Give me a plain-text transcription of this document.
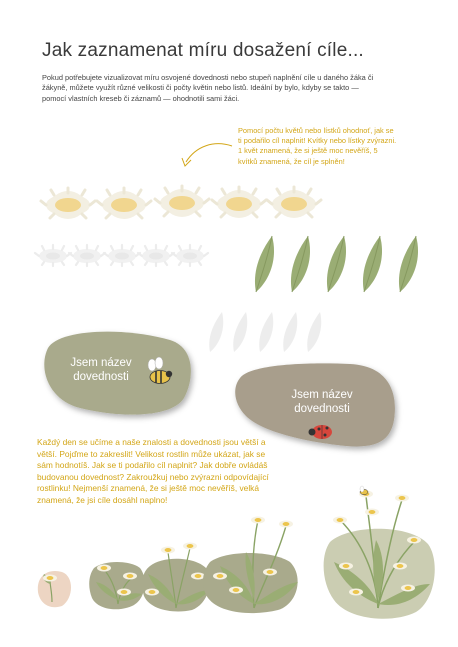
Jak zaznamenat míru dosažení cíle...
Pokud potřebujete vizualizovat míru osvojené dovednosti nebo stupeň naplnění cíle u daného žáka či žákyně, můžete využít různé velikosti či počty květin nebo listů. Ideální by bylo, kdyby se takto — pomocí vlastních kreseb či záznamů — ohodnotili sami žáci.
Pomocí počtu květů nebo lístků ohodnoť, jak se ti podařilo cíl naplnit! Kvítky nebo lístky zvýrazni. 1 květ znamená, že si ještě moc nevěříš, 5 kvítků znamená, že cíl je splněn!
Jsem název dovednosti
Jsem název dovednosti
Každý den se učíme a naše znalosti a dovednosti jsou větší a větší. Pojďme to zakreslit! Velikost rostlin může ukázat, jak se sám hodnotíš. Jak se ti podařilo cíl naplnit? Jak dobře ovládáš budovanou dovednost? Zakroužkuj nebo zvýrazni odpovídající rostlinku! Nejmenší znamená, že si ještě moc nevěříš, velká znamená, že jsi cíle dosáhl naplno!
